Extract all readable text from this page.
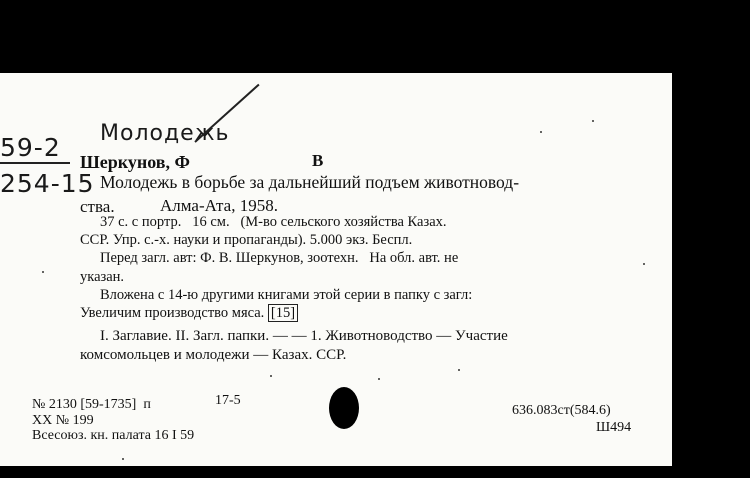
59-2
254-15
Молодежь
Шеркунов, Ф	В
Молодежь в борьбе за дальнейший подъем животновод-
ства.	Алма-Ата, 1958.
37 с. с портр.   16 см.   (М-во сельского хозяйства Казах.
ССР. Упр. с.-х. науки и пропаганды). 5.000 экз. Беспл.
Перед загл. авт: Ф. В. Шеркунов, зоотехн.   На обл. авт. не
указан.
Вложена с 14-ю другими книгами этой серии в папку с загл:
Увеличим производство мяса. [15]
I. Заглавие. II. Загл. папки. — — 1. Животноводство — Участие
комсомольцев и молодежи — Казах. ССР.
№ 2130 [59-1735]  п	17-5
XX № 199
Всесоюз. кн. палата 16 I 59
636.083ст(584.6)
Ш494
